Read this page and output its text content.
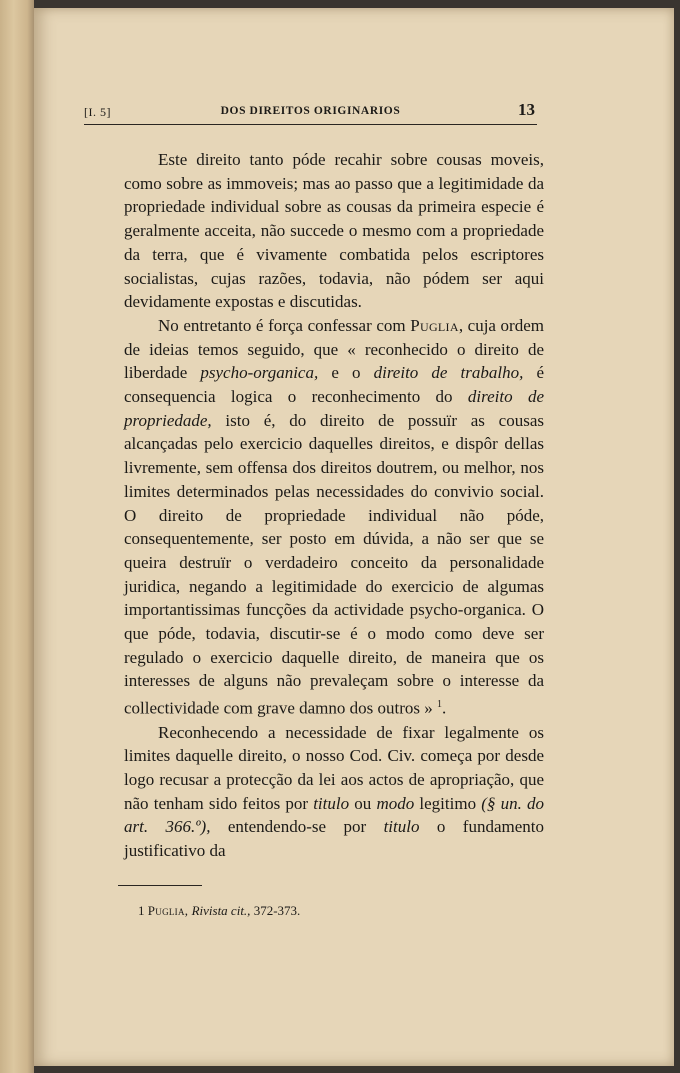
[I. 5]	DOS DIREITOS ORIGINARIOS	13

Este direito tanto póde recahir sobre cousas moveis, como sobre as immoveis; mas ao passo que a legitimidade da propriedade individual sobre as cousas da primeira especie é geralmente acceita, não succede o mesmo com a propriedade da terra, que é vivamente combatida pelos escriptores socialistas, cujas razões, todavia, não pódem ser aqui devidamente expostas e discutidas.

No entretanto é força confessar com Puglia, cuja ordem de ideias temos seguido, que « reconhecido o direito de liberdade psycho-organica, e o direito de trabalho, é consequencia logica o reconhecimento do direito de propriedade, isto é, do direito de possuïr as cousas alcançadas pelo exercicio daquelles direitos, e dispôr dellas livremente, sem offensa dos direitos doutrem, ou melhor, nos limites determinados pelas necessidades do convivio social. O direito de propriedade individual não póde, consequentemente, ser posto em dúvida, a não ser que se queira destruïr o verdadeiro conceito da personalidade juridica, negando a legitimidade do exercicio de algumas importantissimas funcções da actividade psycho-organica. O que póde, todavia, discutir-se é o modo como deve ser regulado o exercicio daquelle direito, de maneira que os interesses de alguns não prevaleçam sobre o interesse da collectividade com grave damno dos outros » $^1$.

Reconhecendo a necessidade de fixar legalmente os limites daquelle direito, o nosso Cod. Civ. começa por desde logo recusar a protecção da lei aos actos de apropriação, que não tenham sido feitos por titulo ou modo legitimo (§ un. do art. 366.º), entendendo-se por titulo o fundamento justificativo da

1 Puglia, Rivista cit., 372-373.
